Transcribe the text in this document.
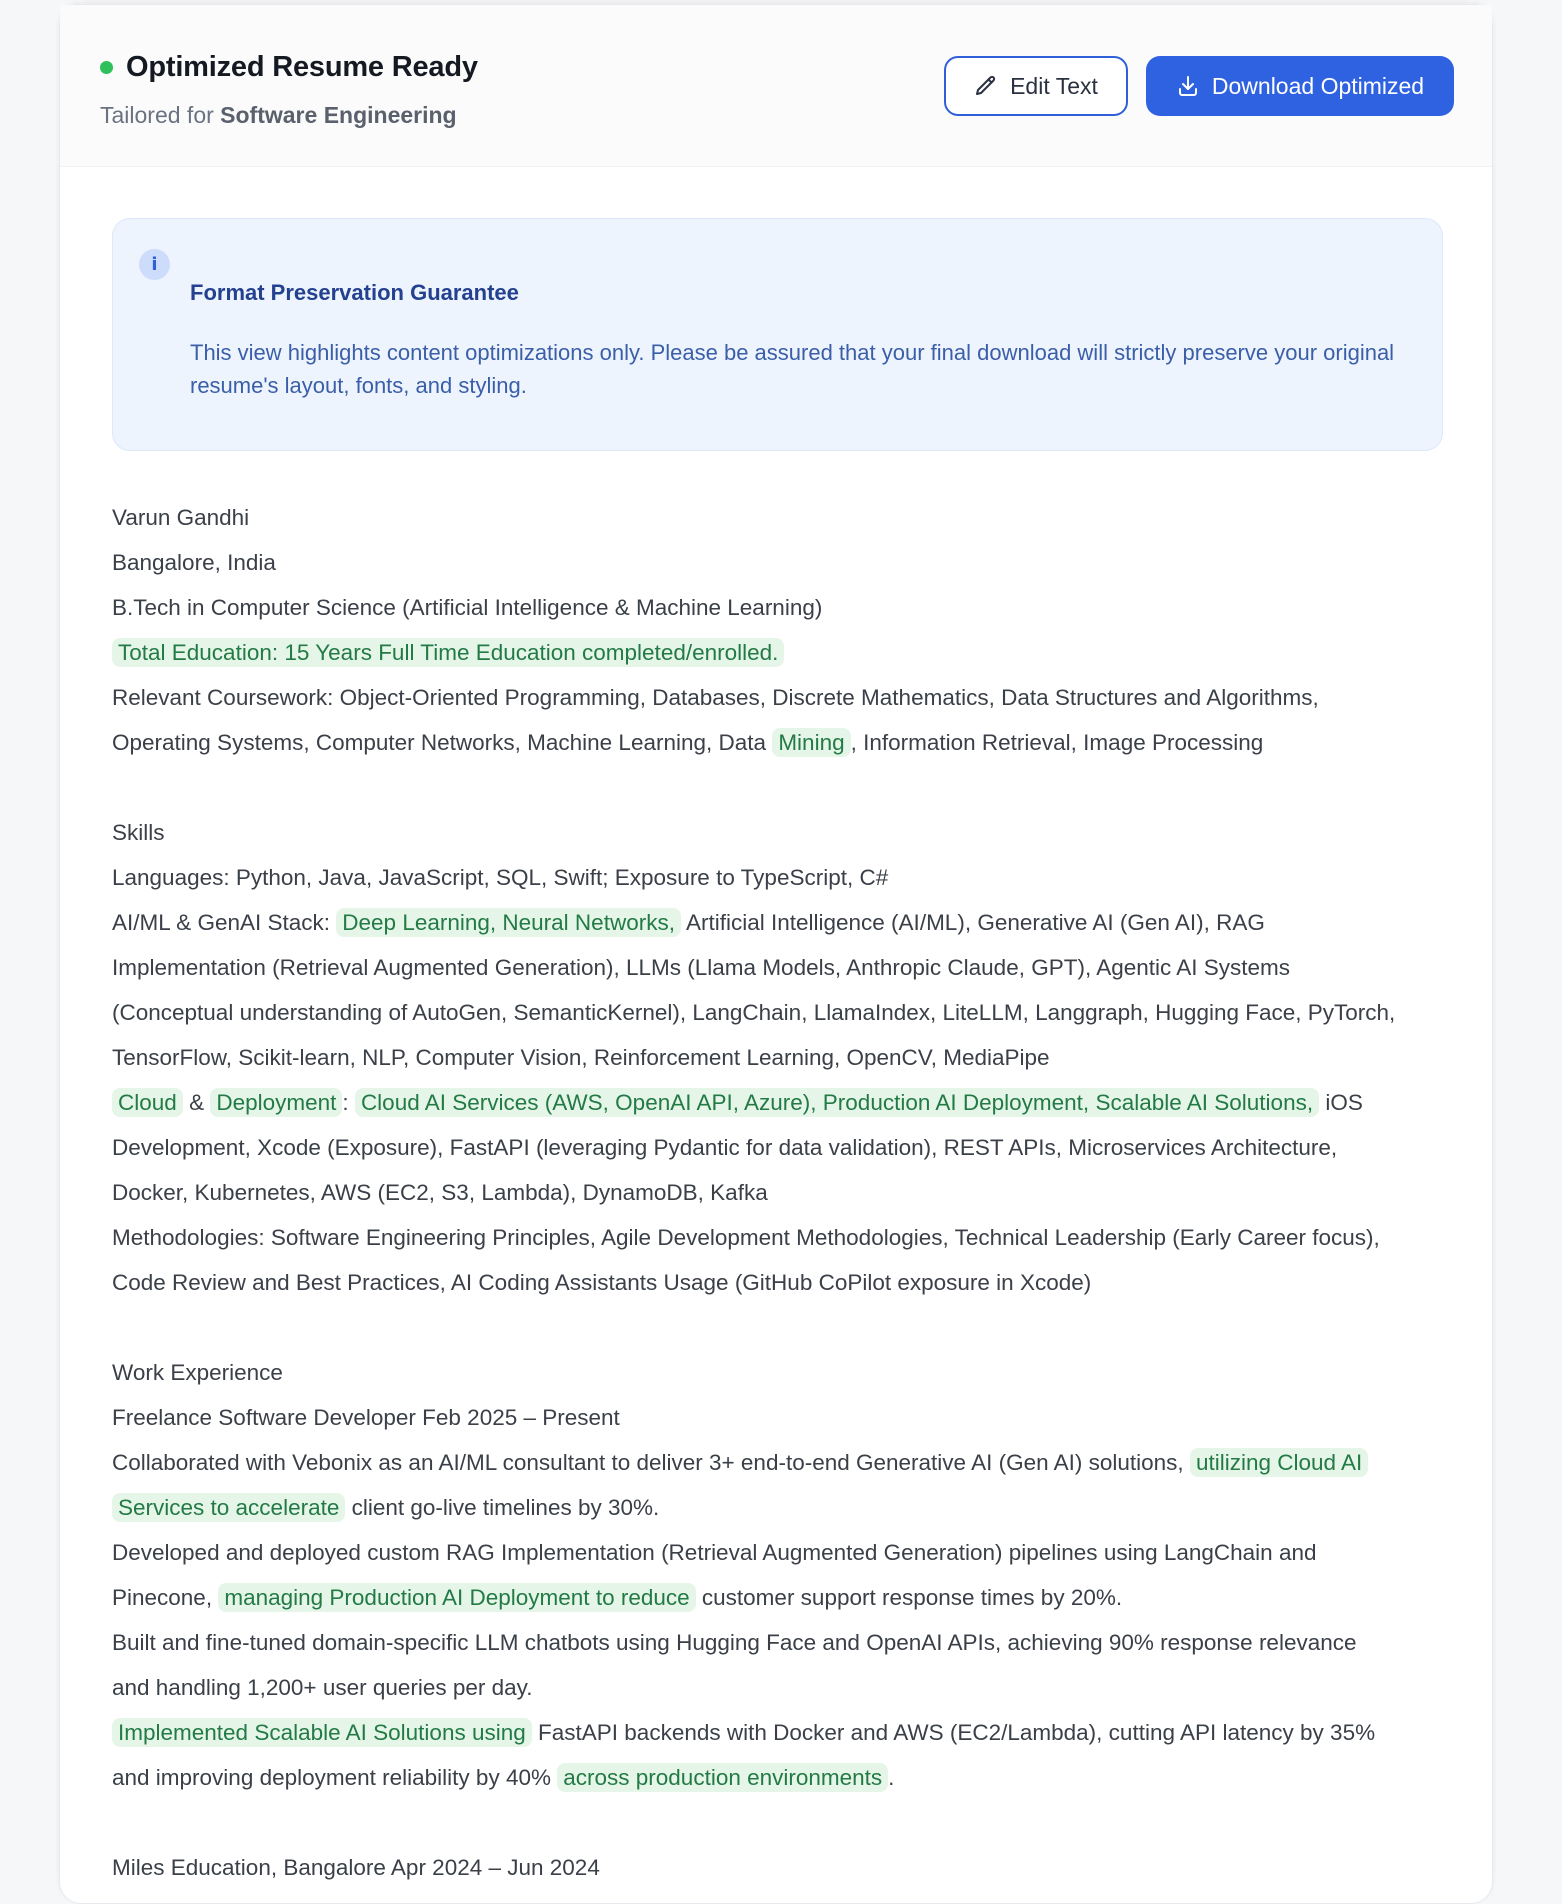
Optimized Resume Ready
Tailored for Software Engineering
Edit Text	Download Optimized
i
Format Preservation Guarantee

This view highlights content optimizations only. Please be assured that your final download will strictly preserve your original resume's layout, fonts, and styling.

Varun Gandhi

Bangalore, India

B.Tech in Computer Science (Artificial Intelligence & Machine Learning)

Total Education: 15 Years Full Time Education completed/enrolled.

Relevant Coursework: Object-Oriented Programming, Databases, Discrete Mathematics, Data Structures and Algorithms,

Operating Systems, Computer Networks, Machine Learning, Data Mining , Information Retrieval, Image Processing

Skills

Languages: Python, Java, JavaScript, SQL, Swift; Exposure to TypeScript, C#

AI/ML & GenAI Stack: Deep Learning, Neural Networks, Artificial Intelligence (AI/ML), Generative AI (Gen AI), RAG

Implementation (Retrieval Augmented Generation), LLMs (Llama Models, Anthropic Claude, GPT), Agentic AI Systems

(Conceptual understanding of AutoGen, SemanticKernel), LangChain, LlamaIndex, LiteLLM, Langgraph, Hugging Face, PyTorch,

TensorFlow, Scikit-learn, NLP, Computer Vision, Reinforcement Learning, OpenCV, MediaPipe

Cloud & Deployment : Cloud AI Services (AWS, OpenAI API, Azure), Production AI Deployment, Scalable AI Solutions, iOS

Development, Xcode (Exposure), FastAPI (leveraging Pydantic for data validation), REST APIs, Microservices Architecture,

Docker, Kubernetes, AWS (EC2, S3, Lambda), DynamoDB, Kafka

Methodologies: Software Engineering Principles, Agile Development Methodologies, Technical Leadership (Early Career focus),

Code Review and Best Practices, AI Coding Assistants Usage (GitHub CoPilot exposure in Xcode)

Work Experience

Freelance Software Developer Feb 2025 – Present

Collaborated with Vebonix as an AI/ML consultant to deliver 3+ end-to-end Generative AI (Gen AI) solutions, utilizing Cloud AI

Services to accelerate client go-live timelines by 30%.

Developed and deployed custom RAG Implementation (Retrieval Augmented Generation) pipelines using LangChain and

Pinecone, managing Production AI Deployment to reduce customer support response times by 20%.

Built and fine-tuned domain-specific LLM chatbots using Hugging Face and OpenAI APIs, achieving 90% response relevance

and handling 1,200+ user queries per day.

Implemented Scalable AI Solutions using FastAPI backends with Docker and AWS (EC2/Lambda), cutting API latency by 35%

and improving deployment reliability by 40% across production environments .

Miles Education, Bangalore Apr 2024 – Jun 2024
